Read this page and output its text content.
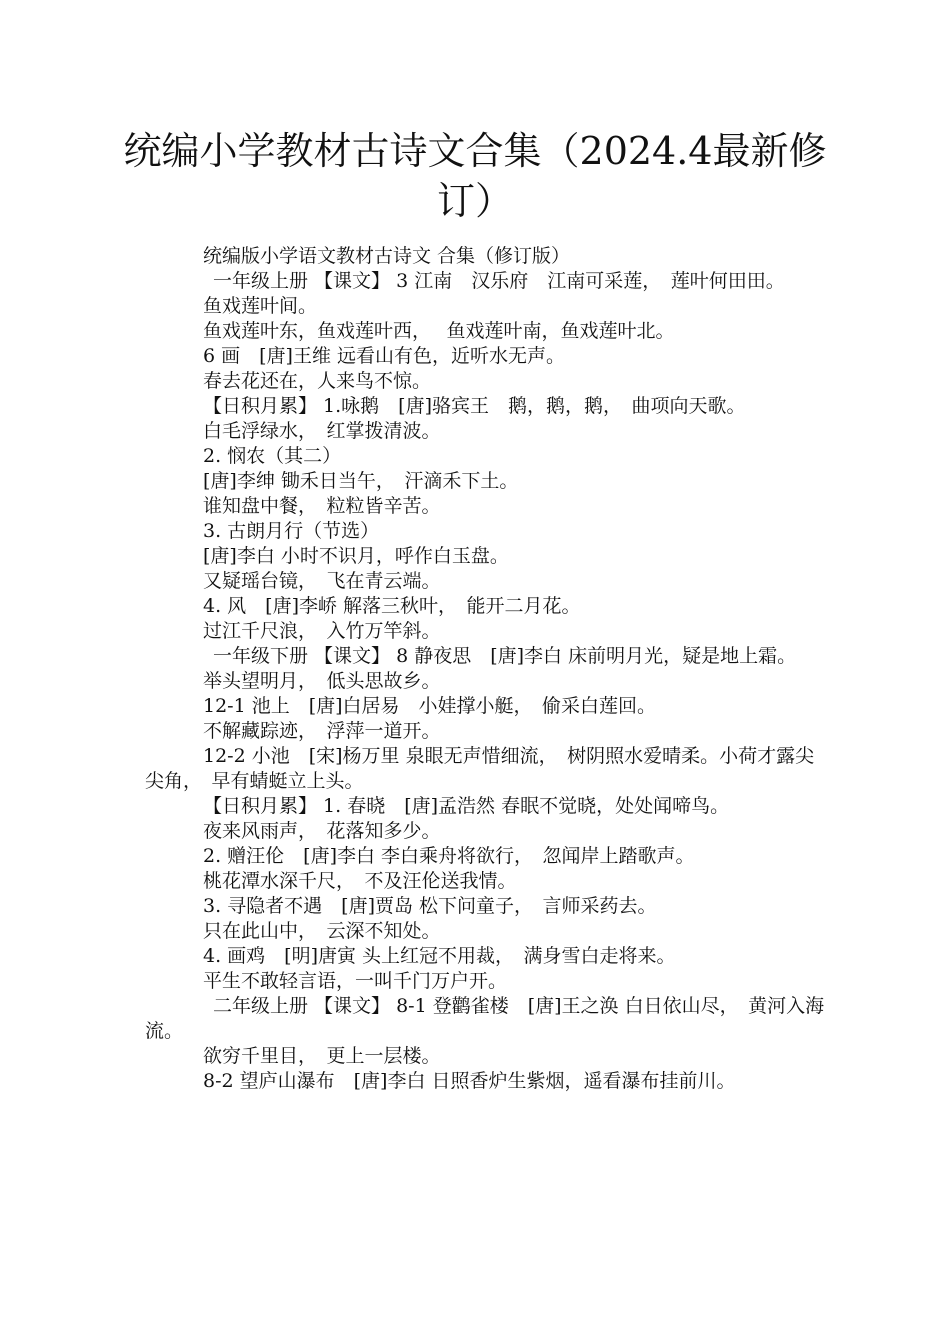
统编小学教材古诗文合集（2024.4最新修订）

统编版小学语文教材古诗文 合集（修订版）

一年级上册 【课文】 3 江南　汉乐府　江南可采莲，　莲叶何田田。

鱼戏莲叶间。

鱼戏莲叶东，鱼戏莲叶西，　 鱼戏莲叶南，鱼戏莲叶北。

6 画　[唐]王维 远看山有色，近听水无声。

春去花还在，人来鸟不惊。

【日积月累】 1.咏鹅　[唐]骆宾王　鹅，鹅，鹅，　曲项向天歌。

白毛浮绿水，　红掌拨清波。

2. 悯农（其二）

[唐]李绅 锄禾日当午，　汗滴禾下土。

谁知盘中餐，　粒粒皆辛苦。

3. 古朗月行（节选）

[唐]李白 小时不识月，呼作白玉盘。

又疑瑶台镜，　飞在青云端。

4. 风　[唐]李峤 解落三秋叶，　能开二月花。

过江千尺浪，　入竹万竿斜。

一年级下册 【课文】 8 静夜思　[唐]李白 床前明月光，疑是地上霜。

举头望明月，　低头思故乡。

12-1 池上　[唐]白居易　小娃撑小艇，　偷采白莲回。

不解藏踪迹，　浮萍一道开。

12-2 小池　[宋]杨万里 泉眼无声惜细流，　树阴照水爱晴柔。小荷才露尖尖角，　早有蜻蜓立上头。

【日积月累】 1. 春晓　[唐]孟浩然 春眠不觉晓，处处闻啼鸟。

夜来风雨声，　花落知多少。

2. 赠汪伦　[唐]李白 李白乘舟将欲行，　忽闻岸上踏歌声。

桃花潭水深千尺，　不及汪伦送我情。

3. 寻隐者不遇　[唐]贾岛 松下问童子，　言师采药去。

只在此山中，　云深不知处。

4. 画鸡　[明]唐寅 头上红冠不用裁，　满身雪白走将来。

平生不敢轻言语，一叫千门万户开。

二年级上册 【课文】 8-1 登鹳雀楼　[唐]王之涣 白日依山尽，　黄河入海流。

欲穷千里目，　更上一层楼。

8-2 望庐山瀑布　[唐]李白 日照香炉生紫烟，遥看瀑布挂前川。
